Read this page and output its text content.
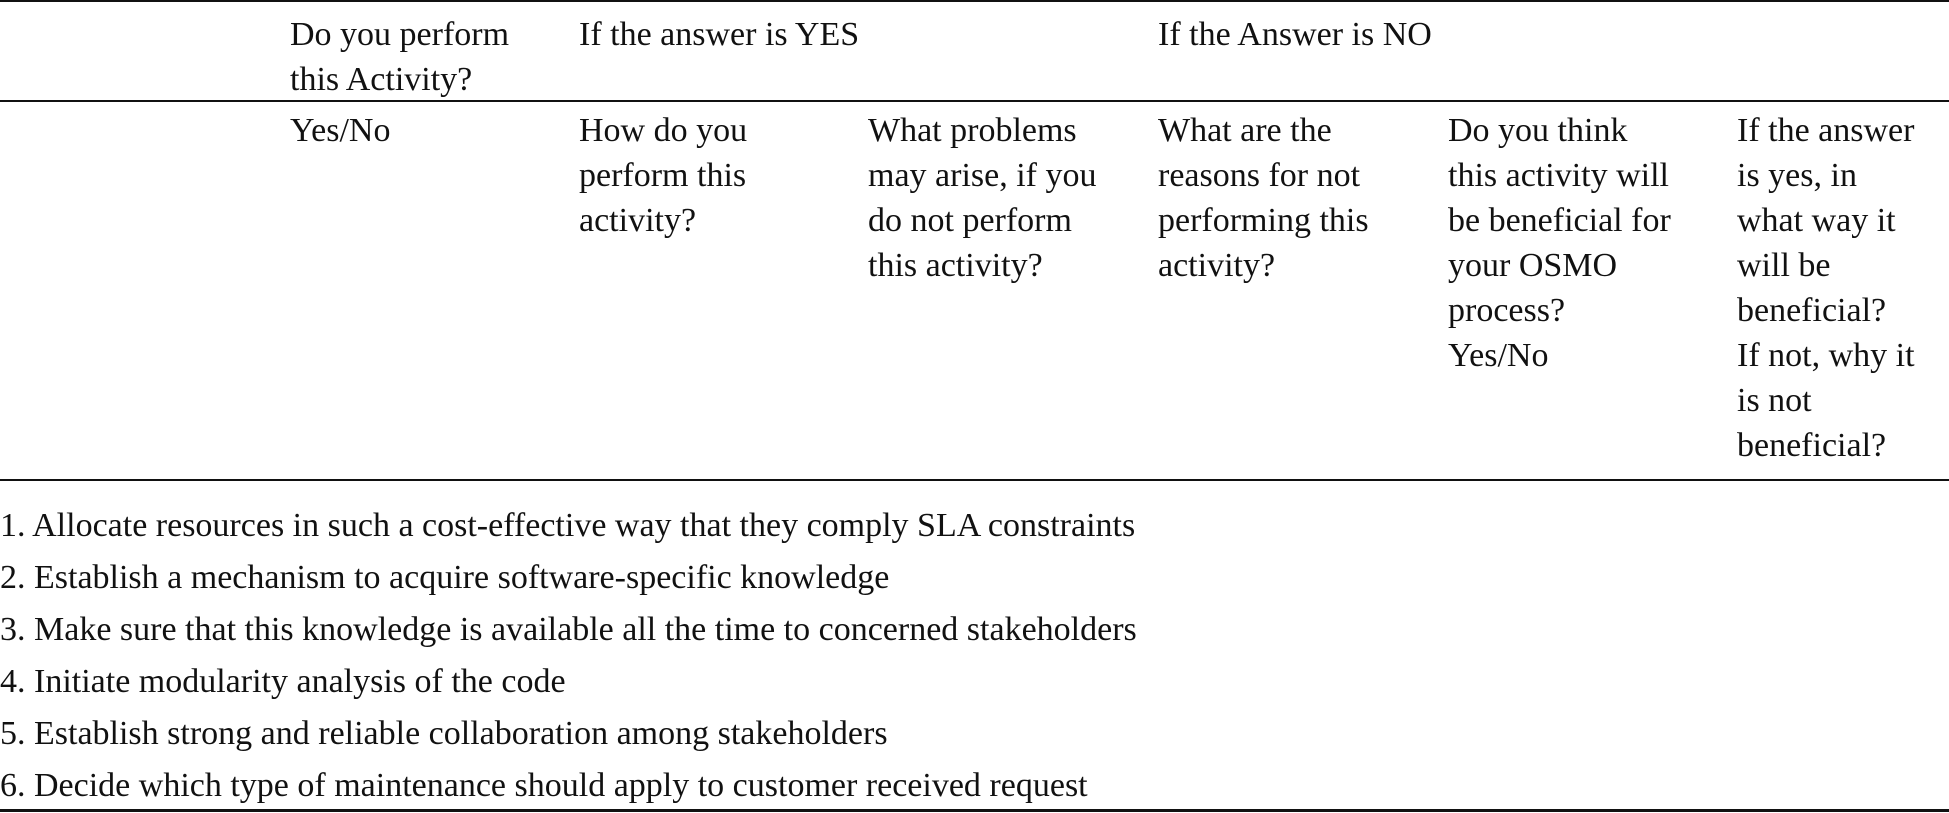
Do you perform
this Activity?
If the answer is YES	If the Answer is NO
Yes/No	How do you
perform this
activity?
What problems
may arise, if you
do not perform
this activity?
What are the
reasons for not
performing this
activity?
Do you think
this activity will
be beneficial for
your OSMO
process?
Yes/No
If the answer
is yes, in
what way it
will be
beneficial?
If not, why it
is not
beneficial?
1. Allocate resources in such a cost-effective way that they comply SLA constraints
2. Establish a mechanism to acquire software-specific knowledge
3. Make sure that this knowledge is available all the time to concerned stakeholders
4. Initiate modularity analysis of the code
5. Establish strong and reliable collaboration among stakeholders
6. Decide which type of maintenance should apply to customer received request
